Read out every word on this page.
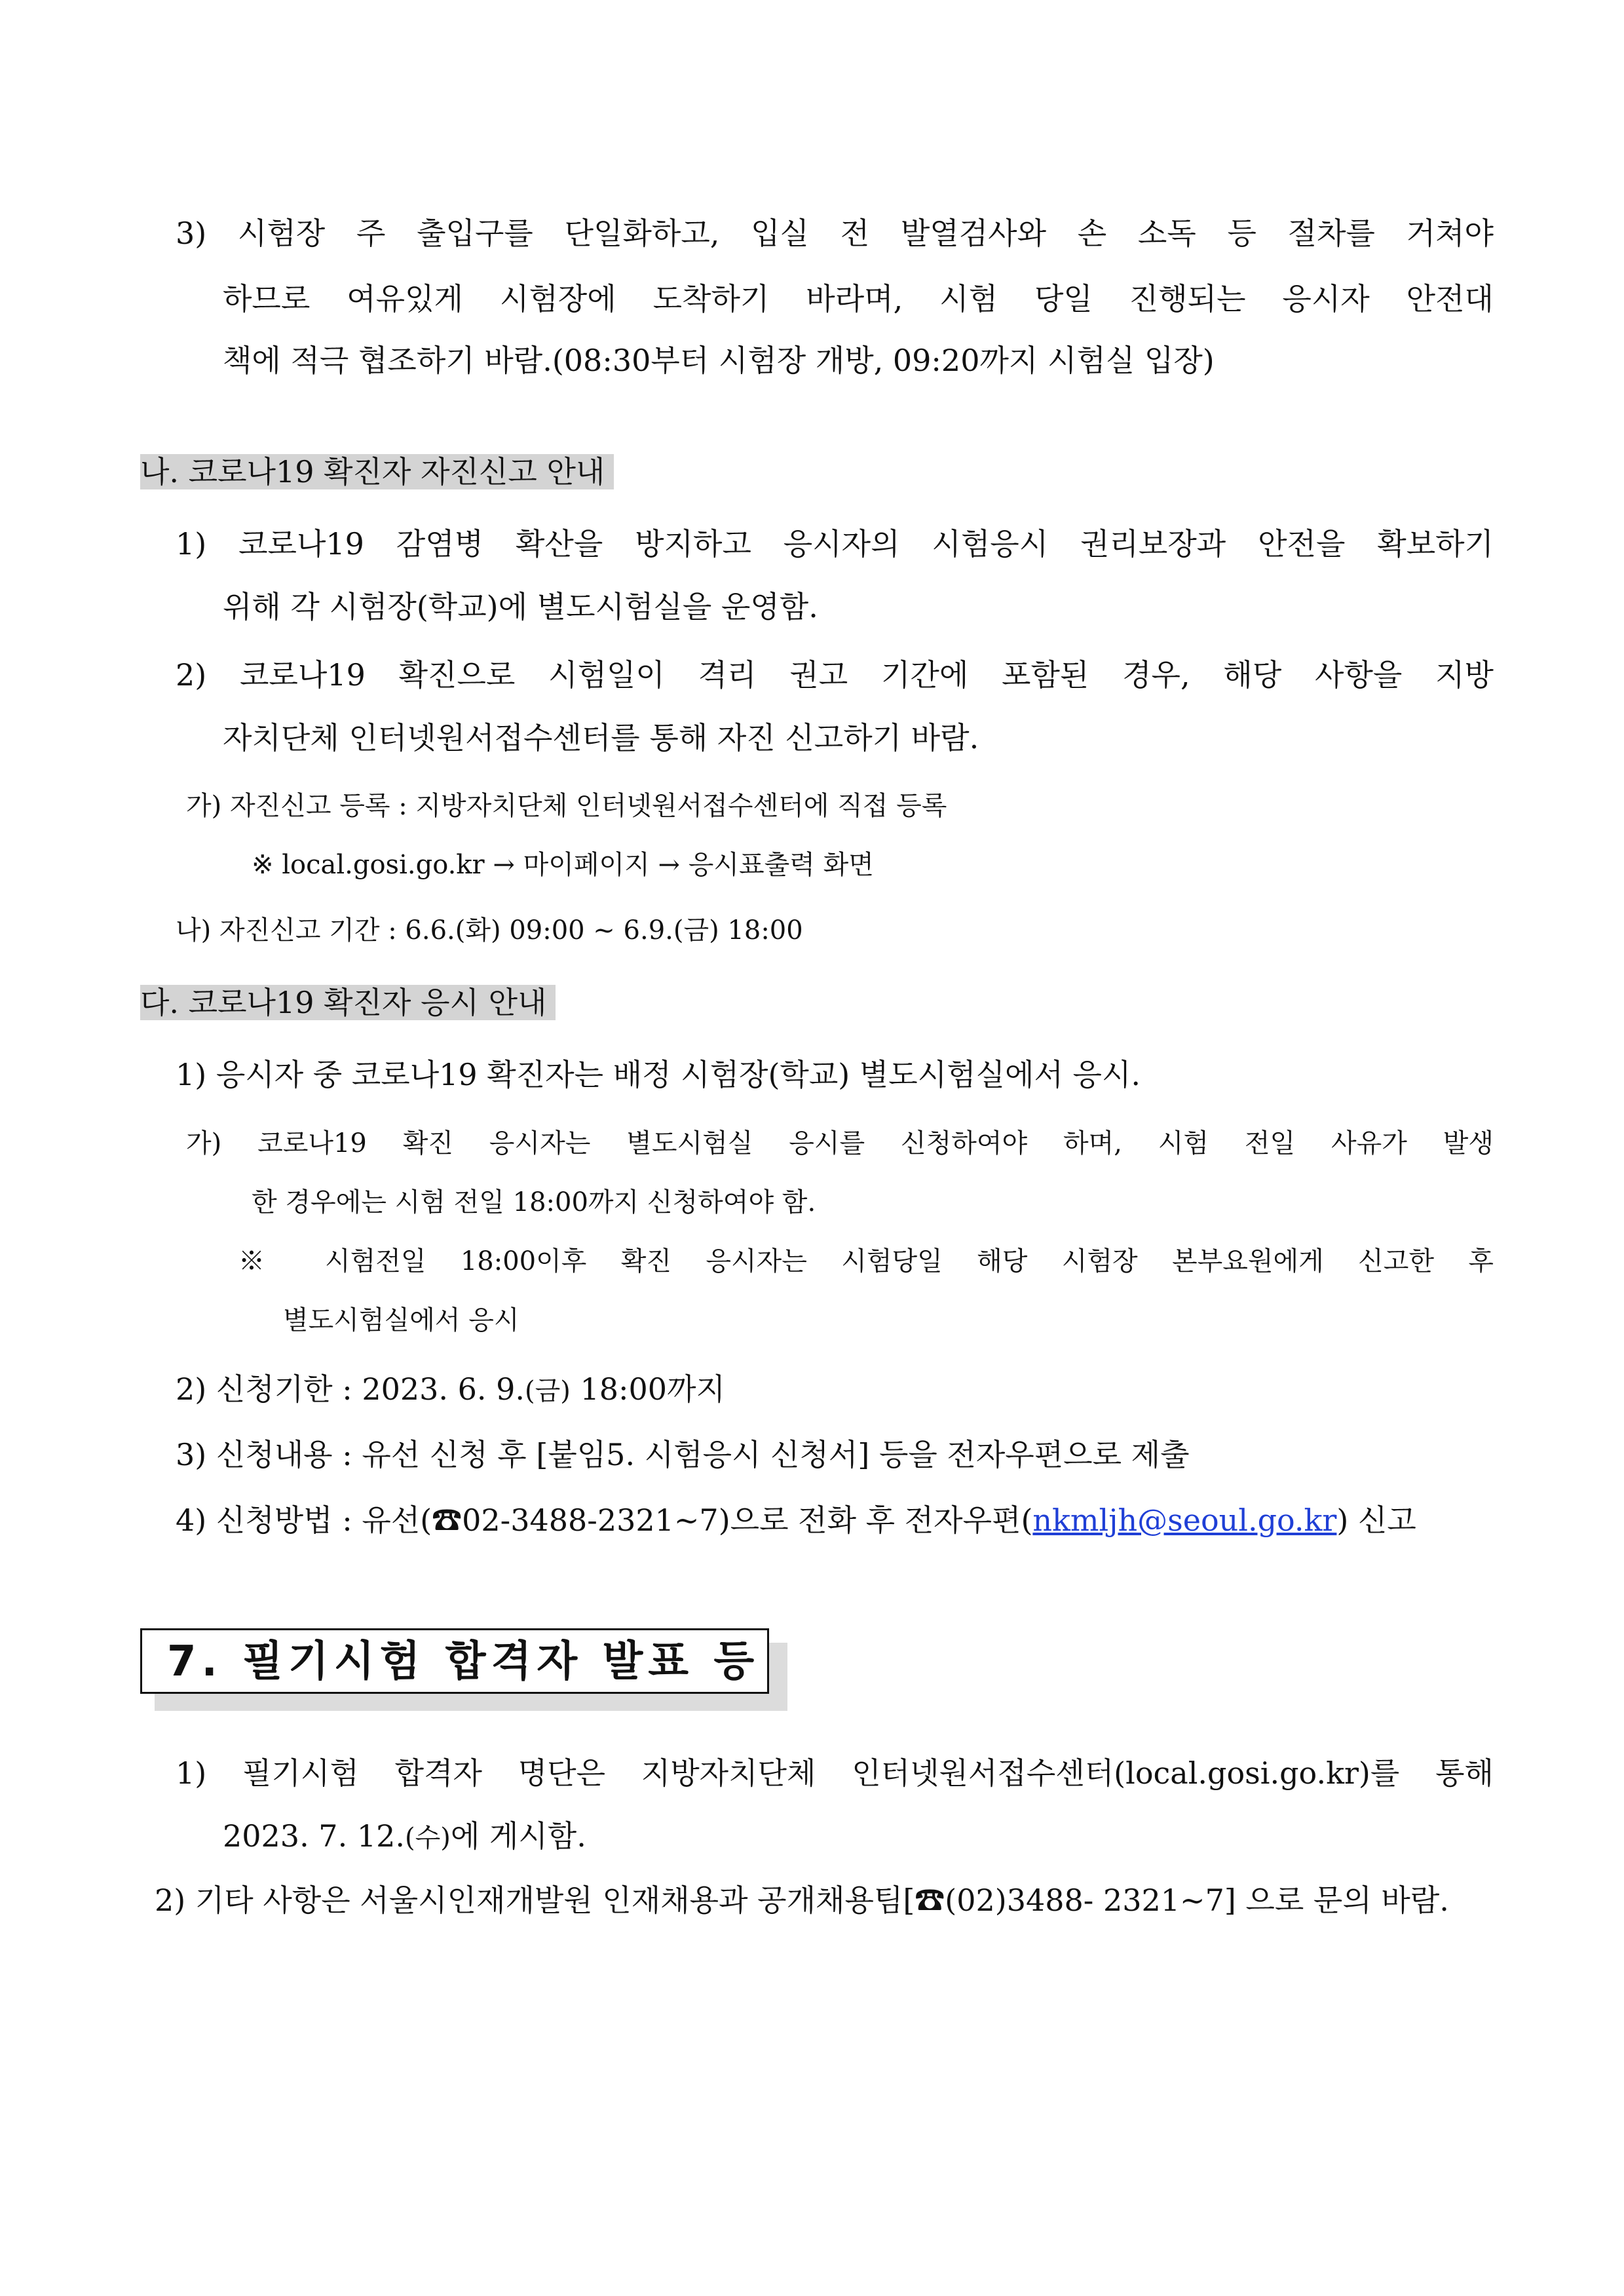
3) 시험장 주 출입구를 단일화하고, 입실 전 발열검사와 손 소독 등 절차를 거쳐야
하므로 여유있게 시험장에 도착하기 바라며, 시험 당일 진행되는 응시자 안전대
책에 적극 협조하기 바람.(08:30부터 시험장 개방, 09:20까지 시험실 입장)
나. 코로나19 확진자 자진신고 안내
1) 코로나19 감염병 확산을 방지하고 응시자의 시험응시 권리보장과 안전을 확보하기
위해 각 시험장(학교)에 별도시험실을 운영함.
2) 코로나19 확진으로 시험일이 격리 권고 기간에 포함된 경우, 해당 사항을 지방
자치단체 인터넷원서접수센터를 통해 자진 신고하기 바람.
가) 자진신고 등록 : 지방자치단체 인터넷원서접수센터에 직접 등록
※ local.gosi.go.kr → 마이페이지 → 응시표출력 화면
나) 자진신고 기간 : 6.6.(화) 09:00 ~ 6.9.(금) 18:00
다. 코로나19 확진자 응시 안내
1) 응시자 중 코로나19 확진자는 배정 시험장(학교) 별도시험실에서 응시.
가) 코로나19 확진 응시자는 별도시험실 응시를 신청하여야 하며, 시험 전일 사유가 발생
한 경우에는 시험 전일 18:00까지 신청하여야 함.
※ 시험전일 18:00이후 확진 응시자는 시험당일 해당 시험장 본부요원에게 신고한 후
별도시험실에서 응시
2) 신청기한 : 2023. 6. 9.(금) 18:00까지
3) 신청내용 : 유선 신청 후 [붙임5. 시험응시 신청서] 등을 전자우편으로 제출
4) 신청방법 : 유선(☎02-3488-2321~7)으로 전화 후 전자우편(nkmljh@seoul.go.kr) 신고
7. 필기시험 합격자 발표 등
1) 필기시험 합격자 명단은 지방자치단체 인터넷원서접수센터(local.gosi.go.kr)를 통해
2023. 7. 12.(수)에 게시함.
2) 기타 사항은 서울시인재개발원 인재채용과 공개채용팀[☎(02)3488- 2321~7] 으로 문의 바람.
